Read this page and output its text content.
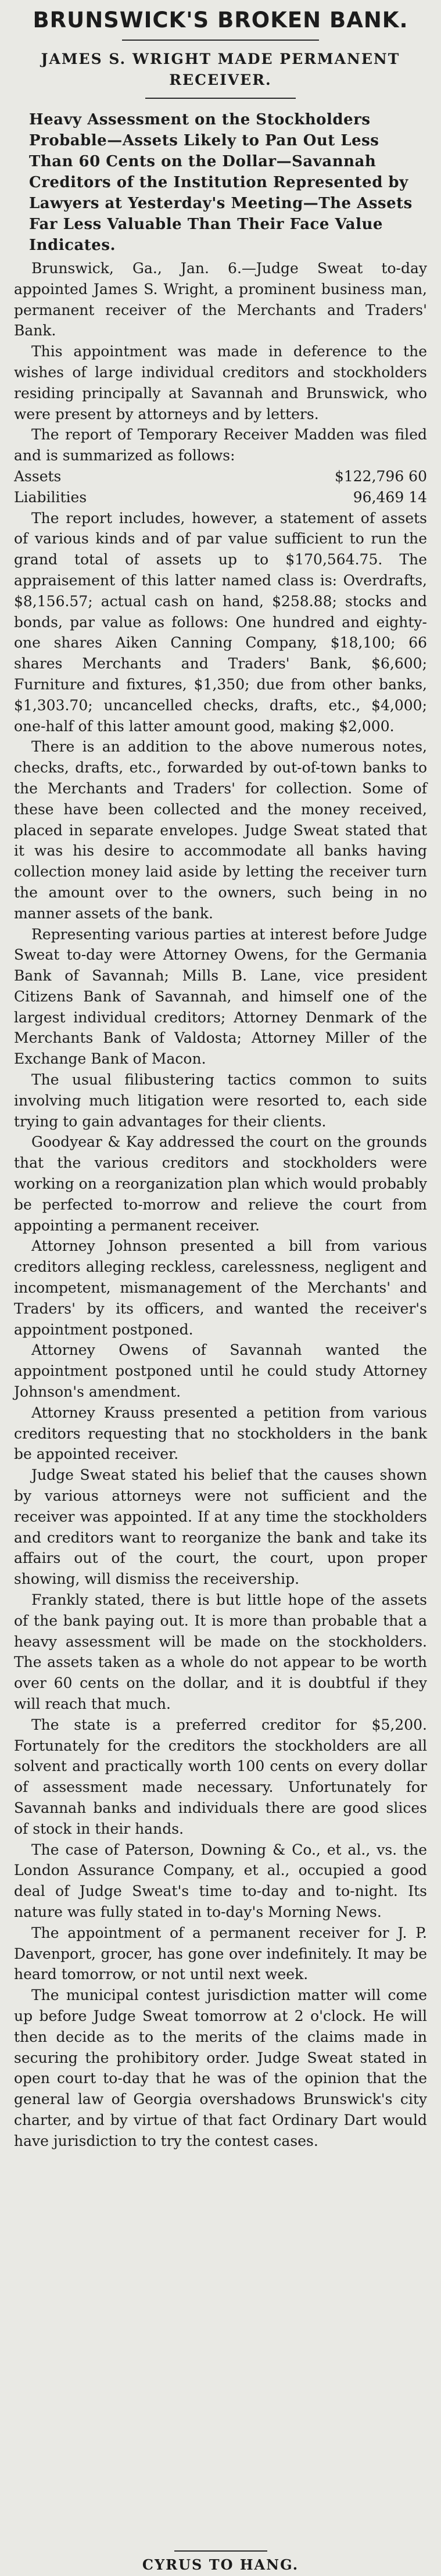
BRUNSWICK'S BROKEN BANK.
JAMES S. WRIGHT MADE PERMANENT RECEIVER.
Heavy Assessment on the Stockholders Probable—Assets Likely to Pan Out Less Than 60 Cents on the Dollar—Savannah Creditors of the Institution Represented by Lawyers at Yesterday's Meeting—The Assets Far Less Valuable Than Their Face Value Indicates.

Brunswick, Ga., Jan. 6.—Judge Sweat to-day appointed James S. Wright, a prominent business man, permanent receiver of the Merchants and Traders' Bank.

This appointment was made in deference to the wishes of large individual creditors and stockholders residing principally at Savannah and Brunswick, who were present by attorneys and by letters.

The report of Temporary Receiver Madden was filed and is summarized as follows:

Assets	$122,796 60
Liabilities	96,469 14

The report includes, however, a statement of assets of various kinds and of par value sufficient to run the grand total of assets up to $170,564.75. The appraisement of this latter named class is: Overdrafts, $8,156.57; actual cash on hand, $258.88; stocks and bonds, par value as follows: One hundred and eighty-one shares Aiken Canning Company, $18,100; 66 shares Merchants and Traders' Bank, $6,600; Furniture and fixtures, $1,350; due from other banks, $1,303.70; uncancelled checks, drafts, etc., $4,000; one-half of this latter amount good, making $2,000.

There is an addition to the above numerous notes, checks, drafts, etc., forwarded by out-of-town banks to the Merchants and Traders' for collection. Some of these have been collected and the money received, placed in separate envelopes. Judge Sweat stated that it was his desire to accommodate all banks having collection money laid aside by letting the receiver turn the amount over to the owners, such being in no manner assets of the bank.

Representing various parties at interest before Judge Sweat to-day were Attorney Owens, for the Germania Bank of Savannah; Mills B. Lane, vice president Citizens Bank of Savannah, and himself one of the largest individual creditors; Attorney Denmark of the Merchants Bank of Valdosta; Attorney Miller of the Exchange Bank of Macon.

The usual filibustering tactics common to suits involving much litigation were resorted to, each side trying to gain advantages for their clients.

Goodyear & Kay addressed the court on the grounds that the various creditors and stockholders were working on a reorganization plan which would probably be perfected to-morrow and relieve the court from appointing a permanent receiver.

Attorney Johnson presented a bill from various creditors alleging reckless, carelessness, negligent and incompetent, mismanagement of the Merchants' and Traders' by its officers, and wanted the receiver's appointment postponed.

Attorney Owens of Savannah wanted the appointment postponed until he could study Attorney Johnson's amendment.

Attorney Krauss presented a petition from various creditors requesting that no stockholders in the bank be appointed receiver.

Judge Sweat stated his belief that the causes shown by various attorneys were not sufficient and the receiver was appointed. If at any time the stockholders and creditors want to reorganize the bank and take its affairs out of the court, the court, upon proper showing, will dismiss the receivership.

Frankly stated, there is but little hope of the assets of the bank paying out. It is more than probable that a heavy assessment will be made on the stockholders. The assets taken as a whole do not appear to be worth over 60 cents on the dollar, and it is doubtful if they will reach that much.

The state is a preferred creditor for $5,200. Fortunately for the creditors the stockholders are all solvent and practically worth 100 cents on every dollar of assessment made necessary. Unfortunately for Savannah banks and individuals there are good slices of stock in their hands.

The case of Paterson, Downing & Co., et al., vs. the London Assurance Company, et al., occupied a good deal of Judge Sweat's time to-day and to-night. Its nature was fully stated in to-day's Morning News.

The appointment of a permanent receiver for J. P. Davenport, grocer, has gone over indefinitely. It may be heard tomorrow, or not until next week.

The municipal contest jurisdiction matter will come up before Judge Sweat tomorrow at 2 o'clock. He will then decide as to the merits of the claims made in securing the prohibitory order. Judge Sweat stated in open court to-day that he was of the opinion that the general law of Georgia overshadows Brunswick's city charter, and by virtue of that fact Ordinary Dart would have jurisdiction to try the contest cases.

CYRUS TO HANG.
